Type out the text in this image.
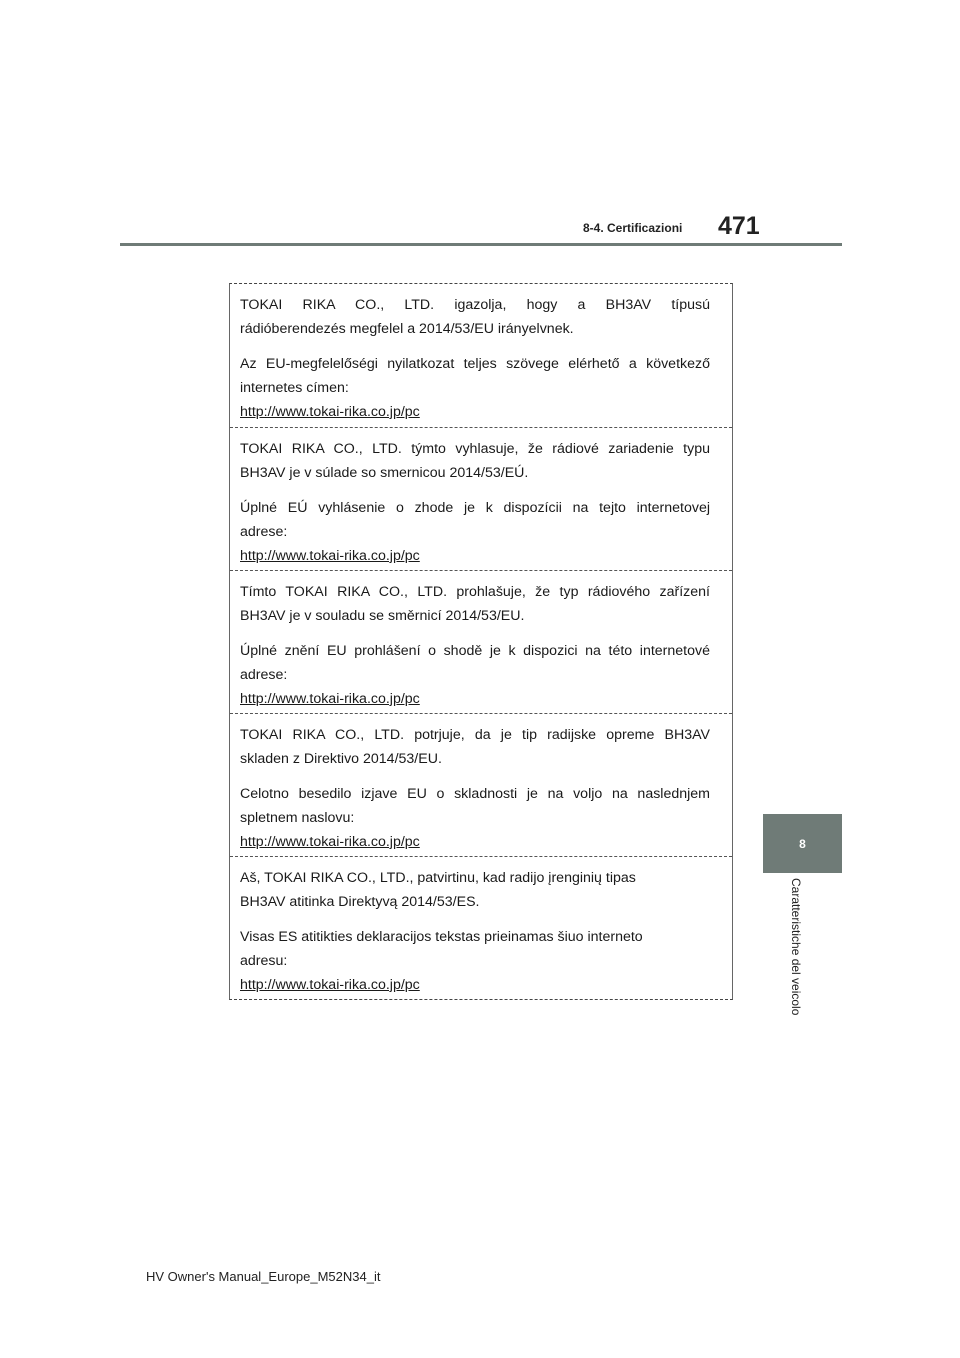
8-4. Certificazioni 471
8
Caratteristiche del veicolo

TOKAI RIKA CO., LTD. igazolja, hogy a BH3AV típusú

rádióberendezés megfelel a 2014/53/EU irányelvnek.

Az EU-megfelelőségi nyilatkozat teljes szövege elérhető a következő

internetes címen:

http://www.tokai-rika.co.jp/pc

TOKAI RIKA CO., LTD. týmto vyhlasuje, že rádiové zariadenie typu

BH3AV je v súlade so smernicou 2014/53/EÚ.

Úplné EÚ vyhlásenie o zhode je k dispozícii na tejto internetovej

adrese:

http://www.tokai-rika.co.jp/pc

Tímto TOKAI RIKA CO., LTD. prohlašuje, že typ rádiového zařízení

BH3AV je v souladu se směrnicí 2014/53/EU.

Úplné znění EU prohlášení o shodě je k dispozici na této internetové

adrese:

http://www.tokai-rika.co.jp/pc

TOKAI RIKA CO., LTD. potrjuje, da je tip radijske opreme BH3AV

skladen z Direktivo 2014/53/EU.

Celotno besedilo izjave EU o skladnosti je na voljo na naslednjem

spletnem naslovu:

http://www.tokai-rika.co.jp/pc

Aš, TOKAI RIKA CO., LTD., patvirtinu, kad radijo įrenginių tipas

BH3AV atitinka Direktyvą 2014/53/ES.

Visas ES atitikties deklaracijos tekstas prieinamas šiuo interneto

adresu:

http://www.tokai-rika.co.jp/pc

HV Owner's Manual_Europe_M52N34_it
